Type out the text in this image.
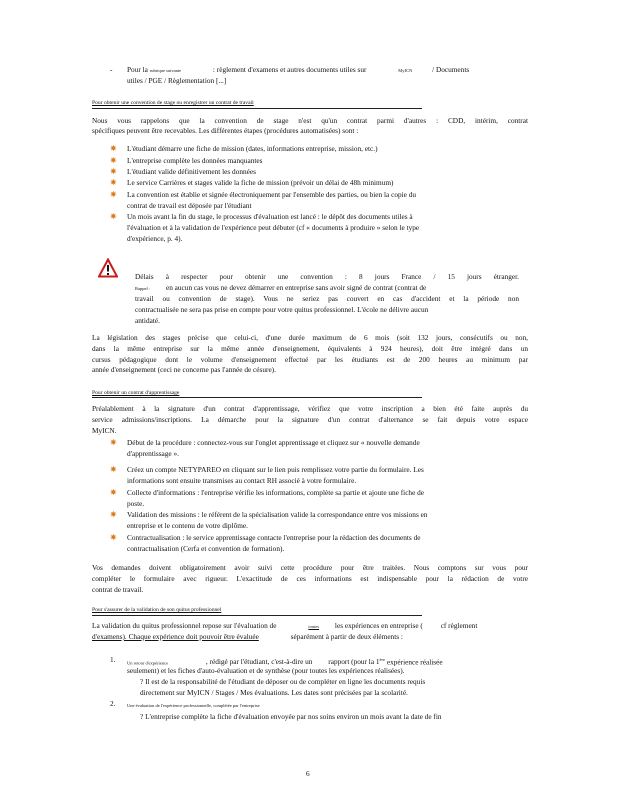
- Pour la rubrique suivante	: règlement d'examens et autres documents utiles sur	MyICN	/ Documents
utiles / PGE / Règlementation [...]
Pour obtenir une convention de stage ou enregistrer un contrat de travail

Nous vous rappelons que la convention de stage n'est qu'un contrat parmi d'autres : CDD, intérim, contrat

spécifiques peuvent être recevables. Les différentes étapes (procédures automatisées) sont :

✷	L'étudiant démarre une fiche de mission (dates, informations entreprise, mission, etc.)
✷	L'entreprise complète les données manquantes
✷	L'étudiant valide définitivement les données
✷	Le service Carrières et stages valide la fiche de mission (prévoir un délai de 48h minimum)
✷	La convention est établie et signée électroniquement par l'ensemble des parties, ou bien la copie du
contrat de travail est déposée par l'étudiant
✷	Un mois avant la fin du stage, le processus d'évaluation est lancé : le dépôt des documents utiles à
l'évaluation et à la validation de l'expérience peut débuter (cf « documents à produire » selon le type
d'expérience, p. 4).

Délais à respecter pour obtenir une convention : 8 jours France / 15 jours étranger.

Rappel : en aucun cas vous ne devez démarrer en entreprise sans avoir signé de contrat (contrat de

travail ou convention de stage). Vous ne seriez pas couvert en cas d'accident et la période non

contractualisée ne sera pas prise en compte pour votre quitus professionnel. L'école ne délivre aucun

antidaté.

La législation des stages précise que celui-ci, d'une durée maximum de 6 mois (soit 132 jours, consécutifs ou non,

dans la même entreprise sur la même année d'enseignement, équivalents à 924 heures), doit être intégré dans un

cursus pédagogique dont le volume d'enseignement effectué par les étudiants est de 200 heures au minimum par

année d'enseignement (ceci ne concerne pas l'année de césure).

Pour obtenir un contrat d'apprentissage

Préalablement à la signature d'un contrat d'apprentissage, vérifiez que votre inscription a bien été faite auprès du

service admissions/inscriptions. La démarche pour la signature d'un contrat d'alternance se fait depuis votre espace

MyICN.

✷	Début de la procédure : connectez-vous sur l'onglet apprentissage et cliquez sur « nouvelle demande
d'apprentissage ».
✷	Créez un compte NETYPAREO en cliquant sur le lien puis remplissez votre partie du formulaire. Les
informations sont ensuite transmises au contact RH associé à votre formulaire.
✷	Collecte d'informations : l'entreprise vérifie les informations, complète sa partie et ajoute une fiche de
poste.
✷	Validation des missions : le référent de la spécialisation valide la correspondance entre vos missions en
entreprise et le contenu de votre diplôme.
✷	Contractualisation : le service apprentissage contacte l'entreprise pour la rédaction des documents de
contractualisation (Cerfa et convention de formation).

Vos demandes doivent obligatoirement avoir suivi cette procédure pour être traitées. Nous comptons sur vous pour

compléter le formulaire avec rigueur. L'exactitude de ces informations est indispensable pour la rédaction de votre

contrat de travail.

Pour s'assurer de la validation de son quitus professionnel
La validation du quitus professionnel repose sur l'évaluation de	toutes les expériences en entreprise ( cf règlement
d'examens). Chaque expérience doit pouvoir être évaluée	séparément à partir de deux éléments :
1.	Un retour d'expérience	, rédigé par l'étudiant, c'est-à-dire un rapport (pour la 1ère expérience réalisée
seulement) et les fiches d'auto-évaluation et de synthèse (pour toutes les expériences réalisées).
? Il est de la responsabilité de l'étudiant de déposer ou de compléter en ligne les documents requis
directement sur MyICN / Stages / Mes évaluations. Les dates sont précisées par la scolarité.
2.	Une évaluation de l'expérience professionnelle, complétée par l'entreprise
? L'entreprise complète la fiche d'évaluation envoyée par nos soins environ un mois avant la date de fin
6
